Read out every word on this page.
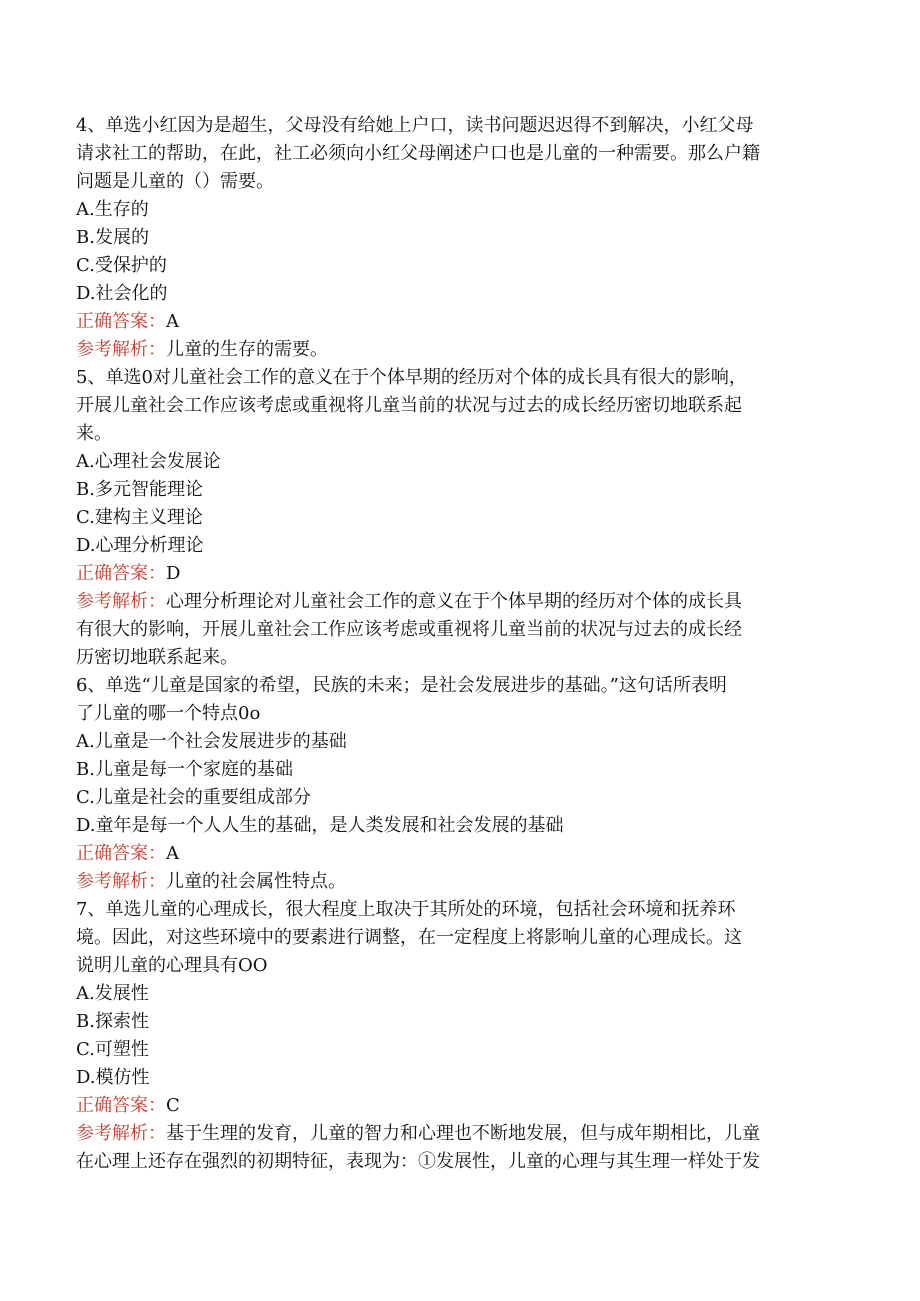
4、单选小红因为是超生，父母没有给她上户口，读书问题迟迟得不到解决，小红父母
请求社工的帮助，在此，社工必须向小红父母阐述户口也是儿童的一种需要。那么户籍
问题是儿童的（）需要。
A.生存的
B.发展的
C.受保护的
D.社会化的
正确答案：A
参考解析：儿童的生存的需要。
5、单选0对儿童社会工作的意义在于个体早期的经历对个体的成长具有很大的影响，
开展儿童社会工作应该考虑或重视将儿童当前的状况与过去的成长经历密切地联系起
来。
A.心理社会发展论
B.多元智能理论
C.建构主义理论
D.心理分析理论
正确答案：D
参考解析：心理分析理论对儿童社会工作的意义在于个体早期的经历对个体的成长具
有很大的影响，开展儿童社会工作应该考虑或重视将儿童当前的状况与过去的成长经
历密切地联系起来。
6、单选“儿童是国家的希望，民族的未来；是社会发展进步的基础。”这句话所表明
了儿童的哪一个特点0o
A.儿童是一个社会发展进步的基础
B.儿童是每一个家庭的基础
C.儿童是社会的重要组成部分
D.童年是每一个人人生的基础，是人类发展和社会发展的基础
正确答案：A
参考解析：儿童的社会属性特点。
7、单选儿童的心理成长，很大程度上取决于其所处的环境，包括社会环境和抚养环
境。因此，对这些环境中的要素进行调整，在一定程度上将影响儿童的心理成长。这
说明儿童的心理具有OO
A.发展性
B.探索性
C.可塑性
D.模仿性
正确答案：C
参考解析：基于生理的发育，儿童的智力和心理也不断地发展，但与成年期相比，儿童
在心理上还存在强烈的初期特征，表现为：①发展性，儿童的心理与其生理一样处于发
